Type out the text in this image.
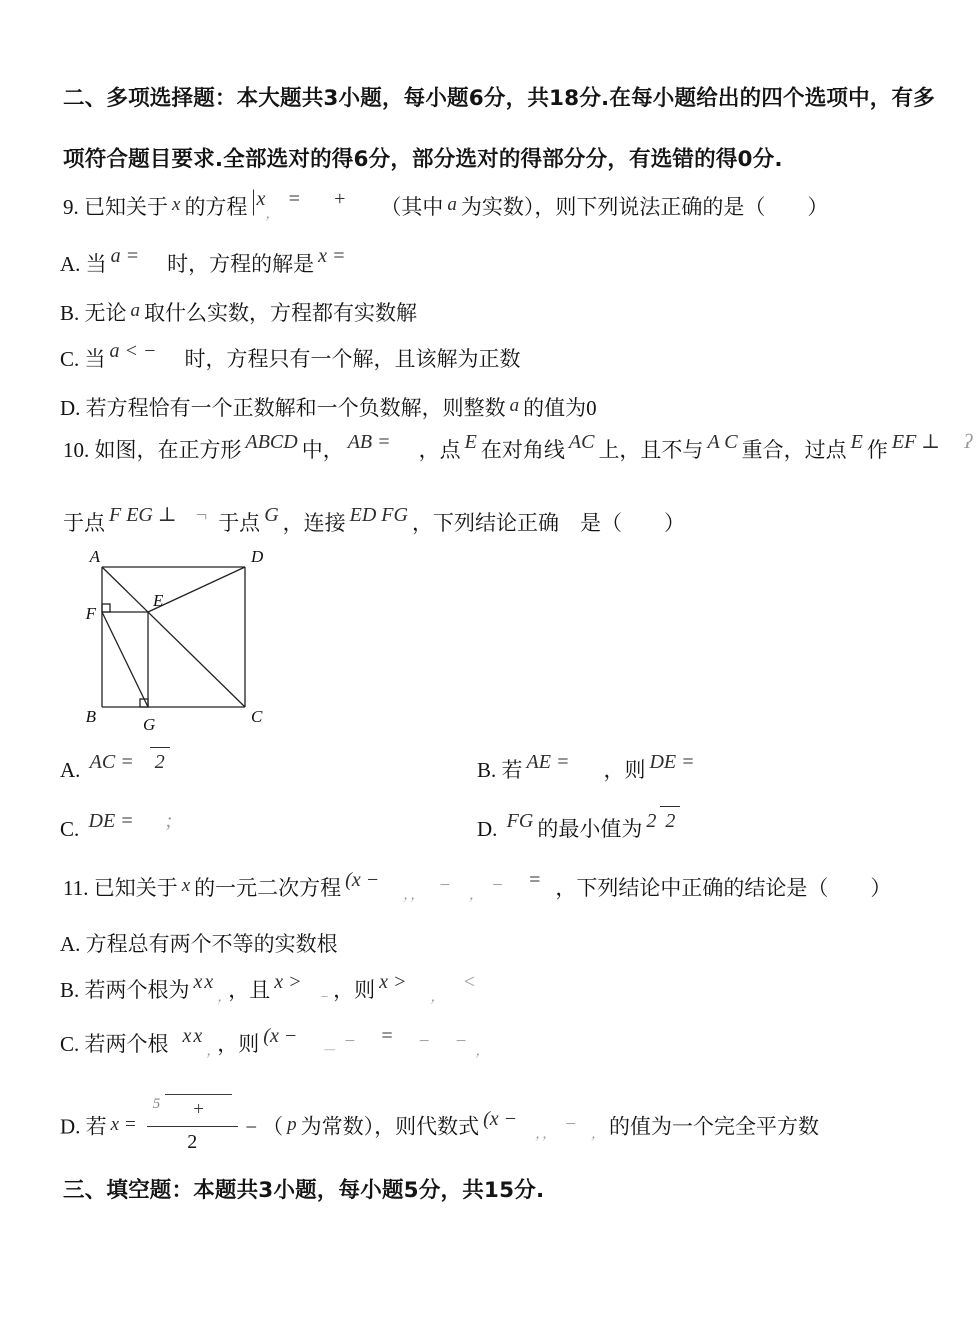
二、多项选择题：本大题共3小题，每小题6分，共18分.在每小题给出的四个选项中，有多
项符合题目要求.全部选对的得6分，部分选对的得部分分，有选错的得0分.
9. 已知关于 x 的方程 |x，= + （其中 a 为实数），则下列说法正确的是（　　）
A. 当 a = 时，方程的解是 x =
B. 无论 a 取什么实数，方程都有实数解
C. 当 a < − 时，方程只有一个解，且该解为正数
D. 若方程恰有一个正数解和一个负数解，则整数 a 的值为0
10. 如图，在正方形 ABCD 中， AB = ，点 E 在对角线 AC 上，且不与 A C 重合，过点 E 作 EF ⊥ ʔ
于点 F EG ⊥ ¬ 于点 G ，连接 ED FG ，下列结论正确　是（　　）
A	D
B	C
E
F
G
A. AC = 2	B. 若 AE = ，则 DE =
C. DE = ;	D. FG 的最小值为 2 2
11. 已知关于 x 的一元二次方程 (x −，， − ， − = ，下列结论中正确的结论是（　　）
A. 方程总有两个不等的实数根
B. 若两个根为 x x， ，且 x >− ，则 x >，<
C. 若两个根 x x， ，则 (x −－ − = − − ，
D. 若 $x = \frac{^5 +}{2}$ − （ p 为常数），则代数式 (x −，， − ， 的值为一个完全平方数
三、填空题：本题共3小题，每小题5分，共15分.
